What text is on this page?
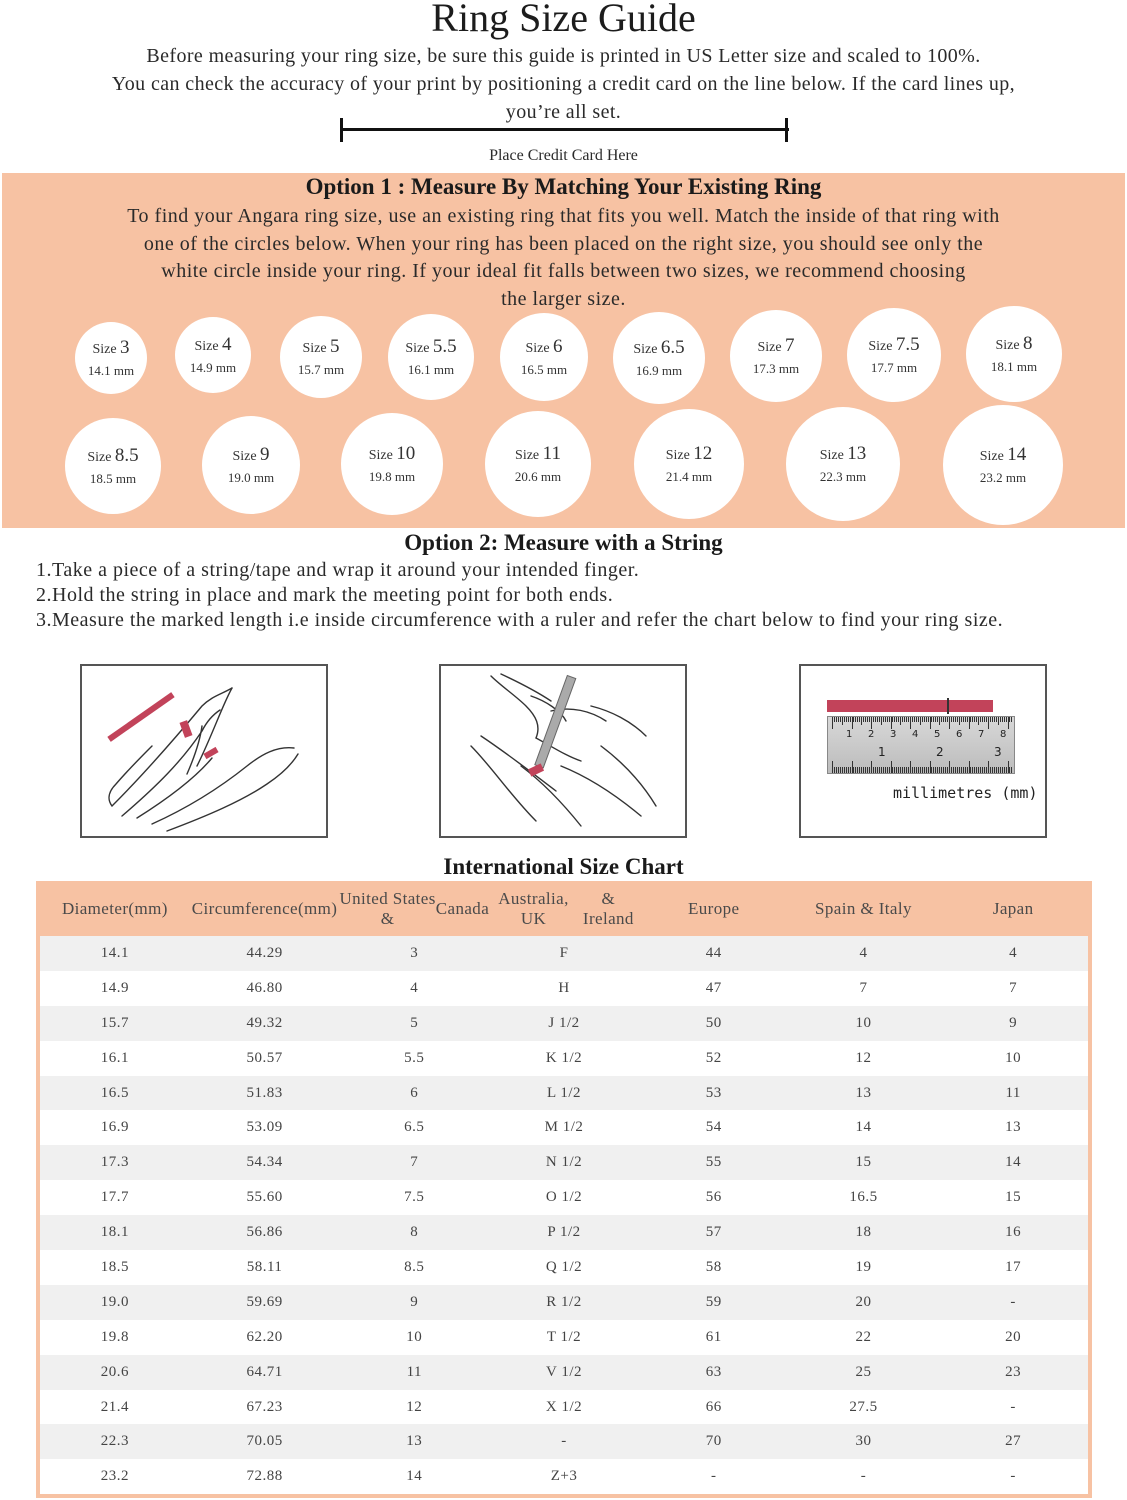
Ring Size Guide
Before measuring your ring size, be sure this guide is printed in US Letter size and scaled to 100%.
You can check the accuracy of your print by positioning a credit card on the line below. If the card lines up,
you’re all set.
Place Credit Card Here
Option 1 : Measure By Matching Your Existing Ring
To find your Angara ring size, use an existing ring that fits you well. Match the inside of that ring with
one of the circles below. When your ring has been placed on the right size, you should see only the
white circle inside your ring. If your ideal fit falls between two sizes, we recommend choosing
the larger size.
Size 3
14.1 mm
Size 4
14.9 mm
Size 5
15.7 mm
Size 5.5
16.1 mm
Size 6
16.5 mm
Size 6.5
16.9 mm
Size 7
17.3 mm
Size 7.5
17.7 mm
Size 8
18.1 mm
Size 8.5
18.5 mm
Size 9
19.0 mm
Size 10
19.8 mm
Size 11
20.6 mm
Size 12
21.4 mm
Size 13
22.3 mm
Size 14
23.2 mm
Option 2: Measure with a String
1.Take a piece of a string/tape and wrap it around your intended finger.
2.Hold the string in place and mark the meeting point for both ends.
3.Measure the marked length i.e inside circumference with a ruler and refer the chart below to find your ring size.
1 2 3 4 5 6 7 8
1	2	3
millimetres (mm)
International Size Chart
Diameter (mm) Circumference (mm)
United States &

Canada
Australia, UK

& Ireland
Europe	Spain & Italy	Japan
14.1	44.29	3	F	44	4	4
14.9	46.80	4	H	47	7	7
15.7	49.32	5	J 1/2	50	10	9
16.1	50.57	5.5	K 1/2	52	12	10
16.5	51.83	6	L 1/2	53	13	11
16.9	53.09	6.5	M 1/2	54	14	13
17.3	54.34	7	N 1/2	55	15	14
17.7	55.60	7.5	O 1/2	56	16.5	15
18.1	56.86	8	P 1/2	57	18	16
18.5	58.11	8.5	Q 1/2	58	19	17
19.0	59.69	9	R 1/2	59	20	-
19.8	62.20	10	T 1/2	61	22	20
20.6	64.71	11	V 1/2	63	25	23
21.4	67.23	12	X 1/2	66	27.5	-
22.3	70.05	13	-	70	30	27
23.2	72.88	14	Z+3	-	-	-
